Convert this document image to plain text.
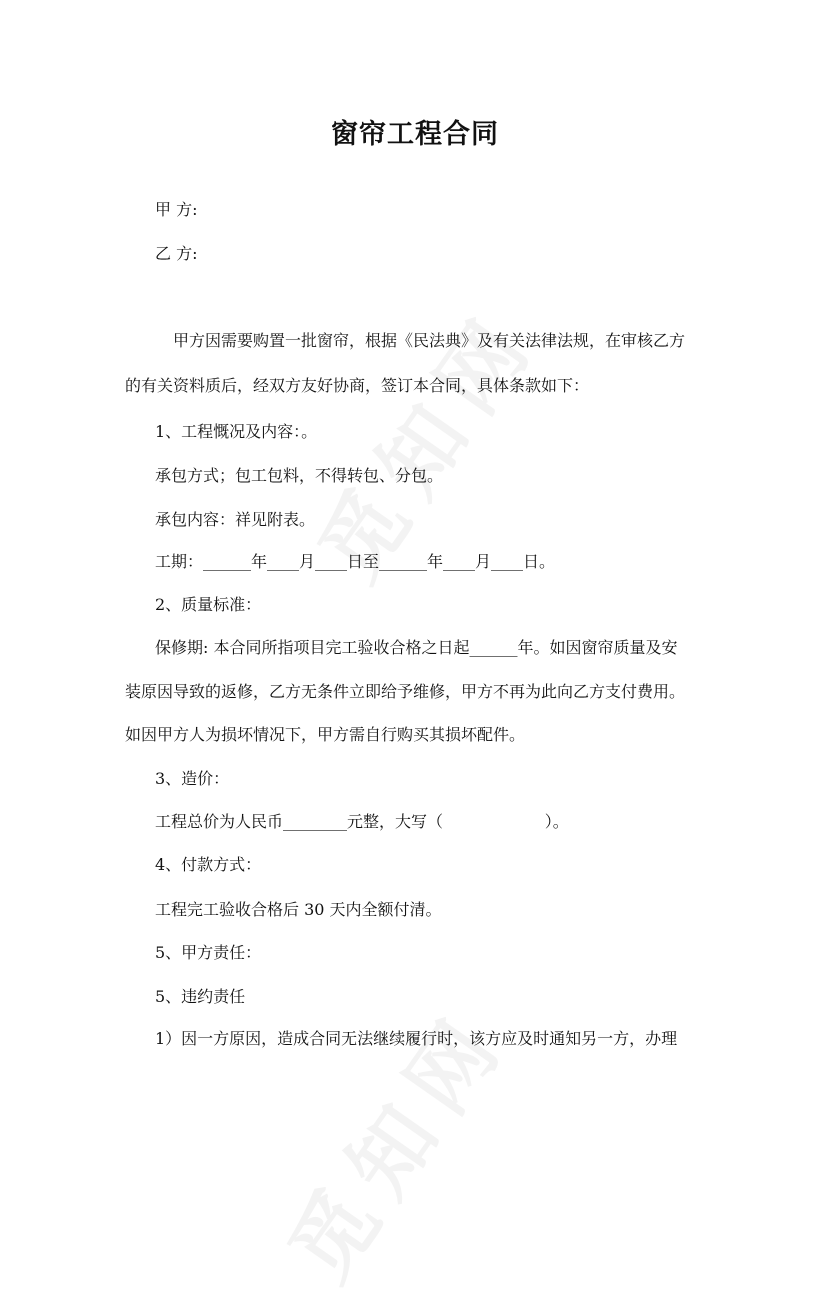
窗帘工程合同

甲 方:

乙 方:

甲方因需要购置一批窗帘，根据《民法典》及有关法律法规，在审核乙方

的有关资料质后，经双方友好协商，签订本合同，具体条款如下：

1、工程慨况及内容：。

承包方式；包工包料，不得转包、分包。

承包内容：祥见附表。

工期：______年____月____日至______年____月____日。

2、质量标准：

保修期: 本合同所指项目完工验收合格之日起______年。如因窗帘质量及安

装原因导致的返修，乙方无条件立即给予维修，甲方不再为此向乙方支付费用。

如因甲方人为损坏情况下，甲方需自行购买其损坏配件。

3、造价：

工程总价为人民币________元整，大写（                    ）。

4、付款方式：

工程完工验收合格后 30 天内全额付清。

5、甲方责任：

5、违约责任

1）因一方原因，造成合同无法继续履行时，该方应及时通知另一方，办理
